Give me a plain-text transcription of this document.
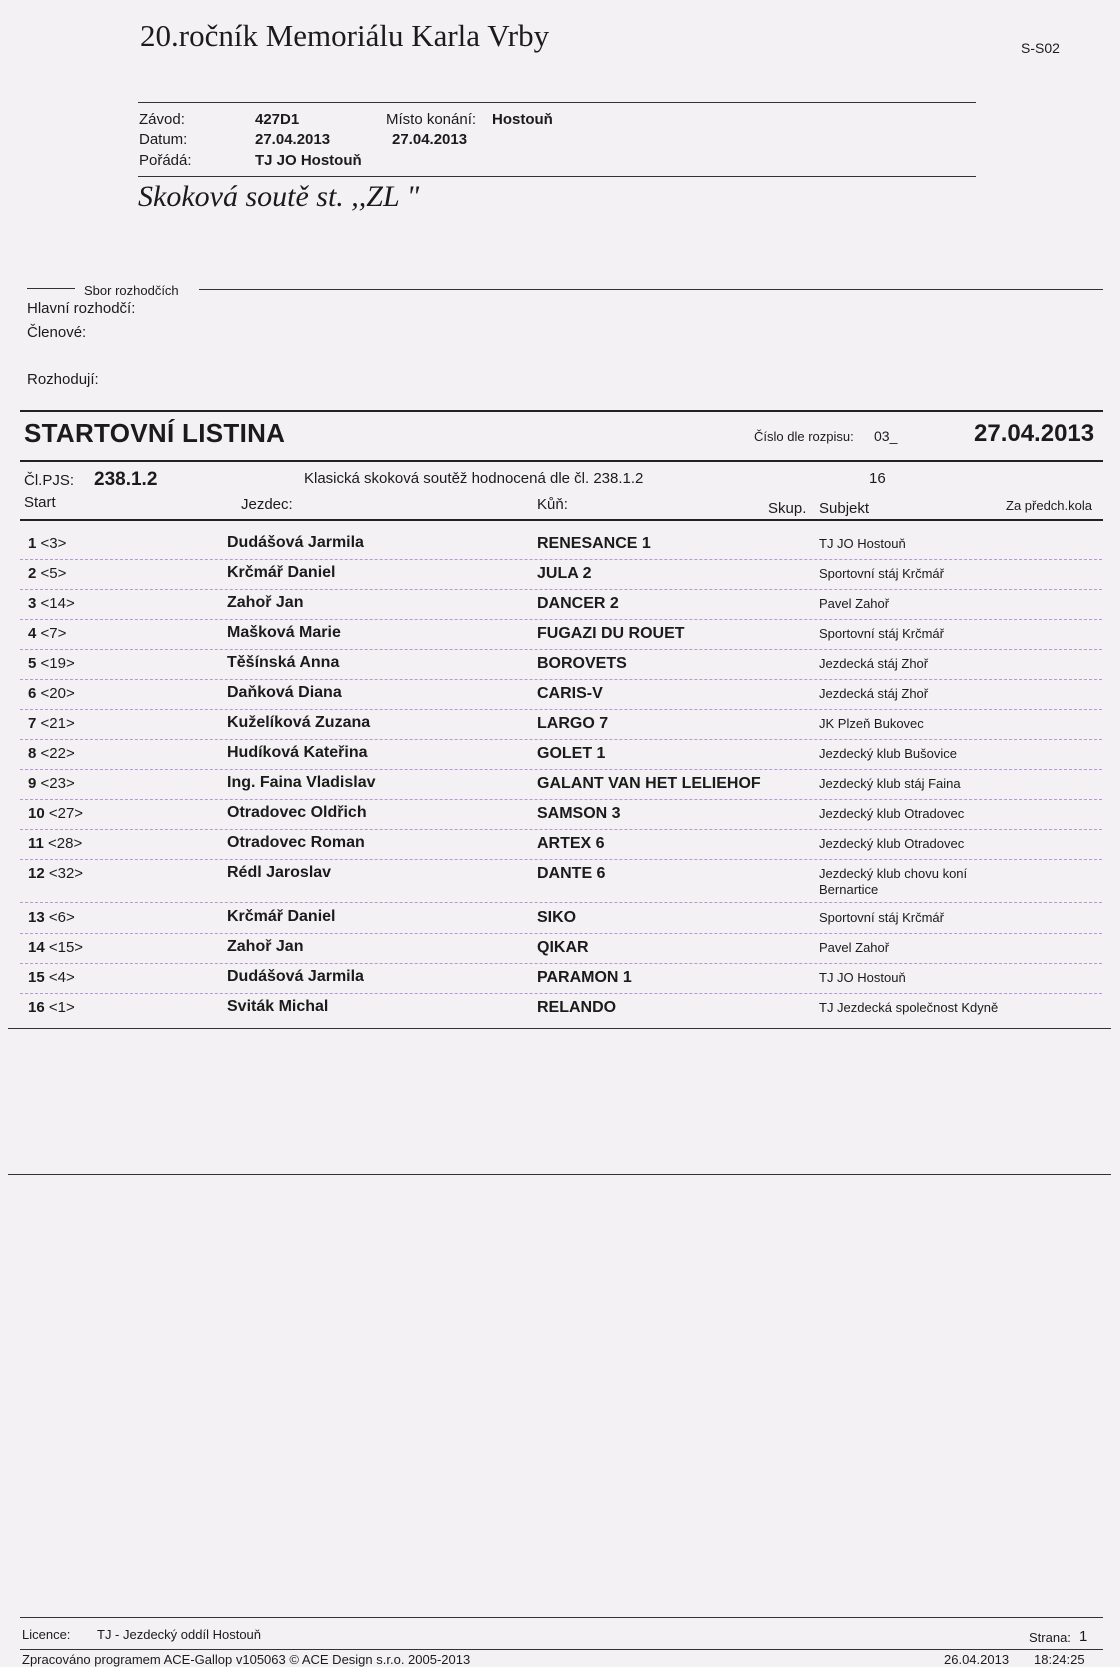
20.ročník Memoriálu Karla Vrby	S-S02
Závod:	427D1	Místo konání: Hostouň
Datum:	27.04.2013	27.04.2013
Pořádá:	TJ JO Hostouň
Skoková soutě st. ,,ZL "
Sbor rozhodčích
Hlavní rozhodčí:
Členové:
Rozhodují:
STARTOVNÍ LISTINA	Číslo dle rozpisu: 03_	27.04.2013
Čl.PJS: 238.1.2	Klasická skoková soutěž hodnocená dle čl. 238.1.2	16
Start	Jezdec:	Kůň:	Skup. Subjekt	Za předch.kola
1 <3>	Dudášová Jarmila	RENESANCE 1	TJ JO Hostouň
2 <5>	Krčmář Daniel	JULA 2	Sportovní stáj Krčmář
3 <14>	Zahoř Jan	DANCER 2	Pavel Zahoř
4 <7>	Mašková Marie	FUGAZI DU ROUET	Sportovní stáj Krčmář
5 <19>	Těšínská Anna	BOROVETS	Jezdecká stáj Zhoř
6 <20>	Daňková Diana	CARIS-V	Jezdecká stáj Zhoř
7 <21>	Kuželíková Zuzana	LARGO 7	JK Plzeň Bukovec
8 <22>	Hudíková Kateřina	GOLET 1	Jezdecký klub Bušovice
9 <23>	Ing. Faina Vladislav	GALANT VAN HET LELIEHOF	Jezdecký klub stáj Faina
10 <27>	Otradovec Oldřich	SAMSON 3	Jezdecký klub Otradovec
11 <28>	Otradovec Roman	ARTEX 6	Jezdecký klub Otradovec
12 <32>	Rédl Jaroslav	DANTE 6	Jezdecký klub chovu koní Bernartice
13 <6>	Krčmář Daniel	SIKO	Sportovní stáj Krčmář
14 <15>	Zahoř Jan	QIKAR	Pavel Zahoř
15 <4>	Dudášová Jarmila	PARAMON 1	TJ JO Hostouň
16 <1>	Sviták Michal	RELANDO	TJ Jezdecká společnost Kdyně
Licence: TJ - Jezdecký oddíl Hostouň	Strana: 1
Zpracováno programem ACE-Gallop v105063 © ACE Design s.r.o. 2005-2013	26.04.2013 18:24:25
